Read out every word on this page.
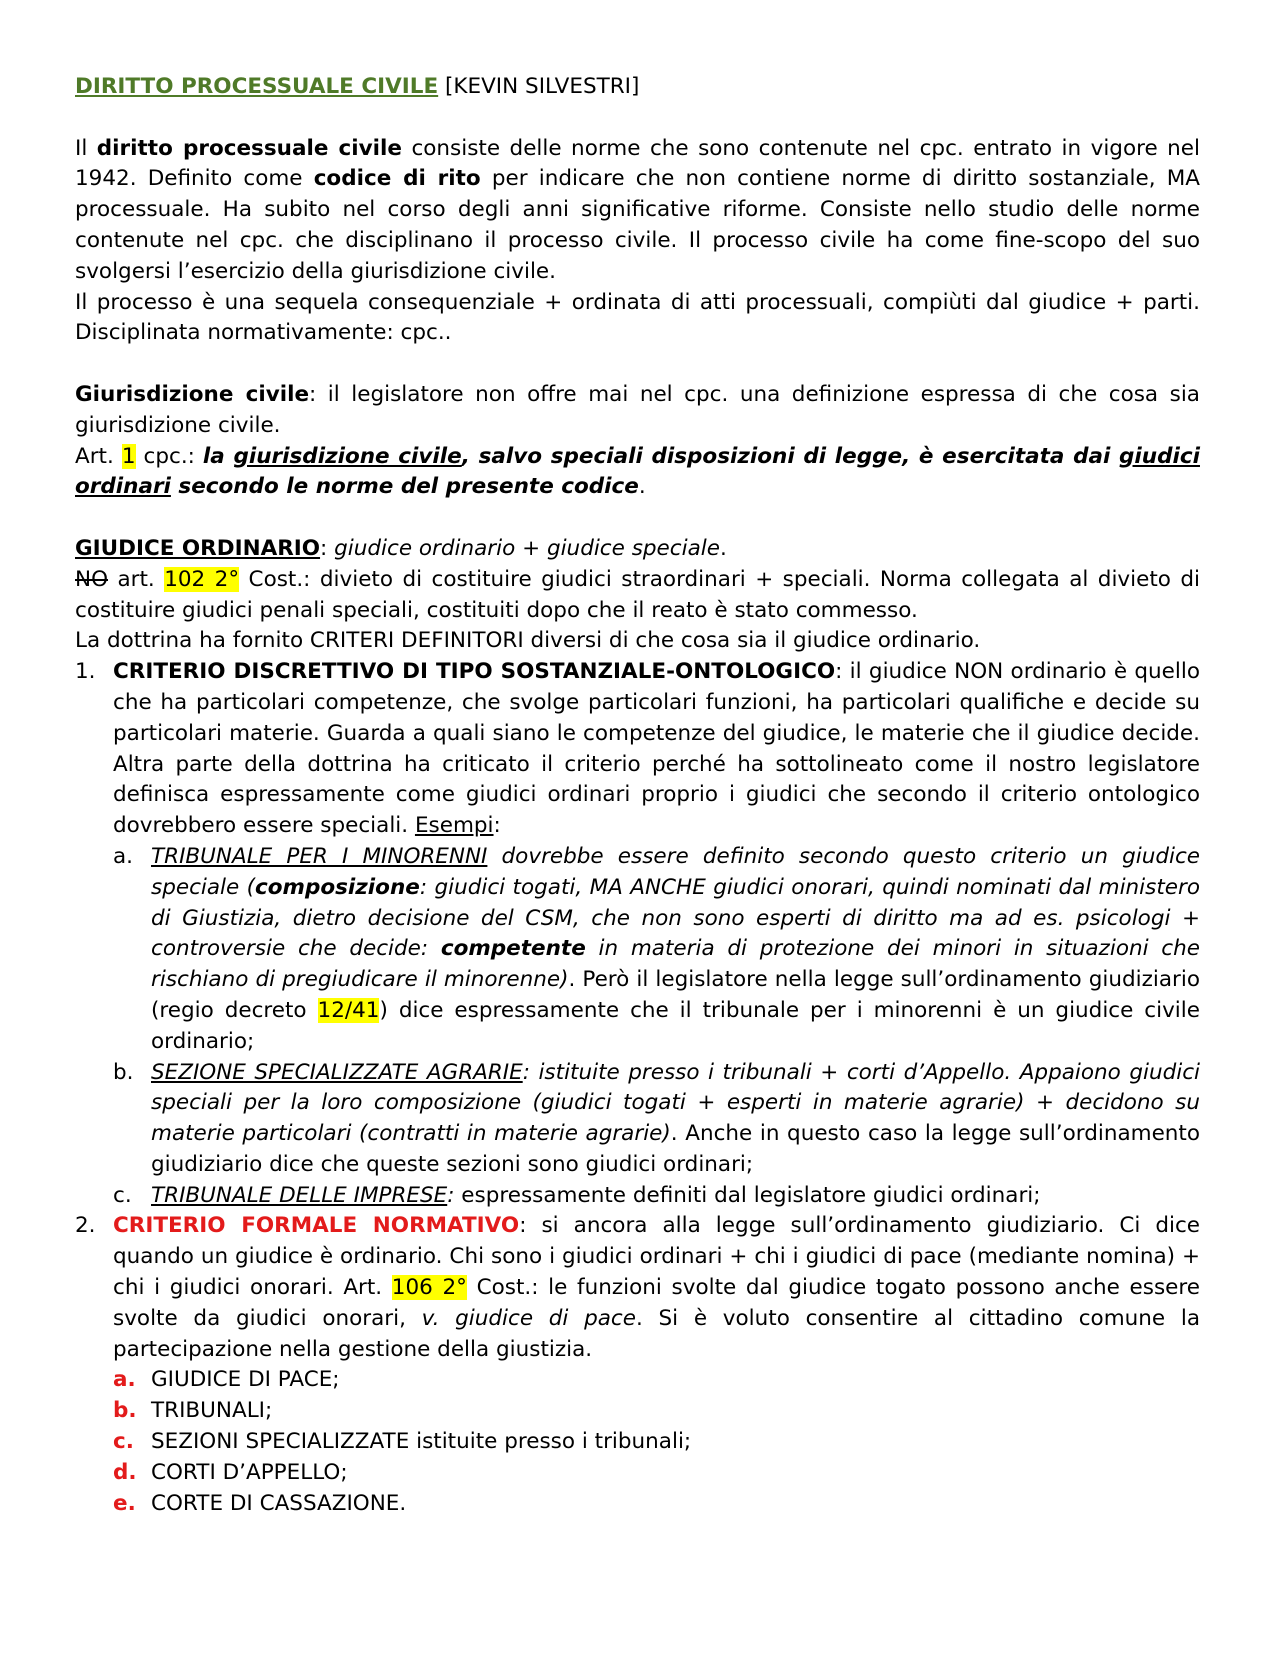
DIRITTO PROCESSUALE CIVILE [KEVIN SILVESTRI]

Il diritto processuale civile consiste delle norme che sono contenute nel cpc. entrato in vigore nel 1942. Definito come codice di rito per indicare che non contiene norme di diritto sostanziale, MA processuale. Ha subito nel corso degli anni significative riforme. Consiste nello studio delle norme contenute nel cpc. che disciplinano il processo civile. Il processo civile ha come fine-scopo del suo svolgersi l’esercizio della giurisdizione civile.

Il processo è una sequela consequenziale + ordinata di atti processuali, compiùti dal giudice + parti. Disciplinata normativamente: cpc..

Giurisdizione civile: il legislatore non offre mai nel cpc. una definizione espressa di che cosa sia giurisdizione civile.

Art. 1 cpc.: la giurisdizione civile, salvo speciali disposizioni di legge, è esercitata dai giudici ordinari secondo le norme del presente codice.

GIUDICE ORDINARIO: giudice ordinario + giudice speciale.

NO art. 102 2° Cost.: divieto di costituire giudici straordinari + speciali. Norma collegata al divieto di costituire giudici penali speciali, costituiti dopo che il reato è stato commesso.

La dottrina ha fornito CRITERI DEFINITORI diversi di che cosa sia il giudice ordinario.

1. CRITERIO DISCRETTIVO DI TIPO SOSTANZIALE-ONTOLOGICO: il giudice NON ordinario è quello che ha particolari competenze, che svolge particolari funzioni, ha particolari qualifiche e decide su particolari materie. Guarda a quali siano le competenze del giudice, le materie che il giudice decide. Altra parte della dottrina ha criticato il criterio perché ha sottolineato come il nostro legislatore definisca espressamente come giudici ordinari proprio i giudici che secondo il criterio ontologico dovrebbero essere speciali. Esempi:
a. TRIBUNALE PER I MINORENNI dovrebbe essere definito secondo questo criterio un giudice speciale (composizione: giudici togati, MA ANCHE giudici onorari, quindi nominati dal ministero di Giustizia, dietro decisione del CSM, che non sono esperti di diritto ma ad es. psicologi + controversie che decide: competente in materia di protezione dei minori in situazioni che rischiano di pregiudicare il minorenne). Però il legislatore nella legge sull’ordinamento giudiziario (regio decreto 12/41) dice espressamente che il tribunale per i minorenni è un giudice civile ordinario;
b. SEZIONE SPECIALIZZATE AGRARIE: istituite presso i tribunali + corti d’Appello. Appaiono giudici speciali per la loro composizione (giudici togati + esperti in materie agrarie) + decidono su materie particolari (contratti in materie agrarie). Anche in questo caso la legge sull’ordinamento giudiziario dice che queste sezioni sono giudici ordinari;
c. TRIBUNALE DELLE IMPRESE: espressamente definiti dal legislatore giudici ordinari;
2. CRITERIO FORMALE NORMATIVO: si ancora alla legge sull’ordinamento giudiziario. Ci dice quando un giudice è ordinario. Chi sono i giudici ordinari + chi i giudici di pace (mediante nomina) + chi i giudici onorari. Art. 106 2° Cost.: le funzioni svolte dal giudice togato possono anche essere svolte da giudici onorari, v. giudice di pace. Si è voluto consentire al cittadino comune la partecipazione nella gestione della giustizia.
a. GIUDICE DI PACE;
b. TRIBUNALI;
c. SEZIONI SPECIALIZZATE istituite presso i tribunali;
d. CORTI D’APPELLO;
e. CORTE DI CASSAZIONE.
